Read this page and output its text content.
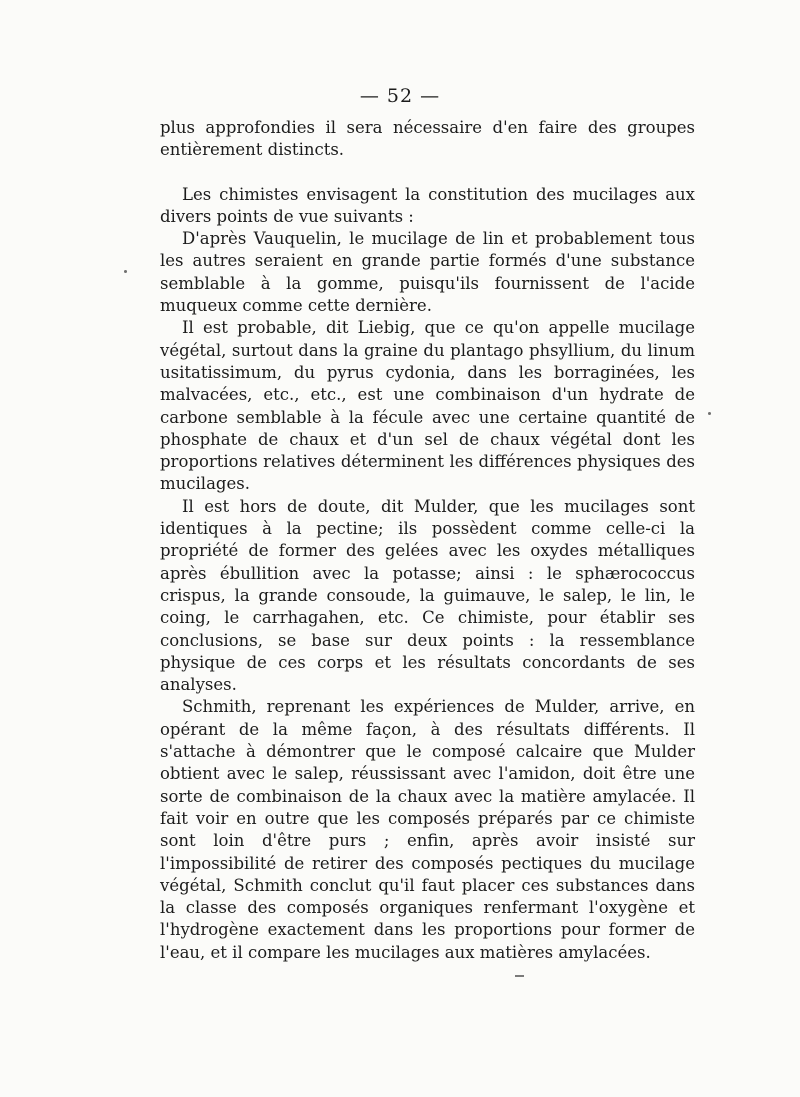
— 52 —

plus approfondies il sera nécessaire d'en faire des groupes entièrement distincts.

Les chimistes envisagent la constitution des mucilages aux divers points de vue suivants :

D'après Vauquelin, le mucilage de lin et probablement tous les autres seraient en grande partie formés d'une substance semblable à la gomme, puisqu'ils fournissent de l'acide muqueux comme cette dernière.

Il est probable, dit Liebig, que ce qu'on appelle mucilage végétal, surtout dans la graine du plantago phsyllium, du linum usitatissimum, du pyrus cydonia, dans les borraginées, les malvacées, etc., etc., est une combinaison d'un hydrate de carbone semblable à la fécule avec une certaine quantité de phosphate de chaux et d'un sel de chaux végétal dont les proportions relatives déterminent les différences physiques des mucilages.

Il est hors de doute, dit Mulder, que les mucilages sont identiques à la pectine; ils possèdent comme celle-ci la propriété de former des gelées avec les oxydes métalliques après ébullition avec la potasse; ainsi : le sphærococcus crispus, la grande consoude, la guimauve, le salep, le lin, le coing, le carrhagahen, etc. Ce chimiste, pour établir ses conclusions, se base sur deux points : la ressemblance physique de ces corps et les résultats concordants de ses analyses.

Schmith, reprenant les expériences de Mulder, arrive, en opérant de la même façon, à des résultats différents. Il s'attache à démontrer que le composé calcaire que Mulder obtient avec le salep, réussissant avec l'amidon, doit être une sorte de combinaison de la chaux avec la matière amylacée. Il fait voir en outre que les composés préparés par ce chimiste sont loin d'être purs ; enfin, après avoir insisté sur l'impossibilité de retirer des composés pectiques du mucilage végétal, Schmith conclut qu'il faut placer ces substances dans la classe des composés organiques renfermant l'oxygène et l'hydrogène exactement dans les proportions pour former de l'eau, et il compare les mucilages aux matières amylacées.
